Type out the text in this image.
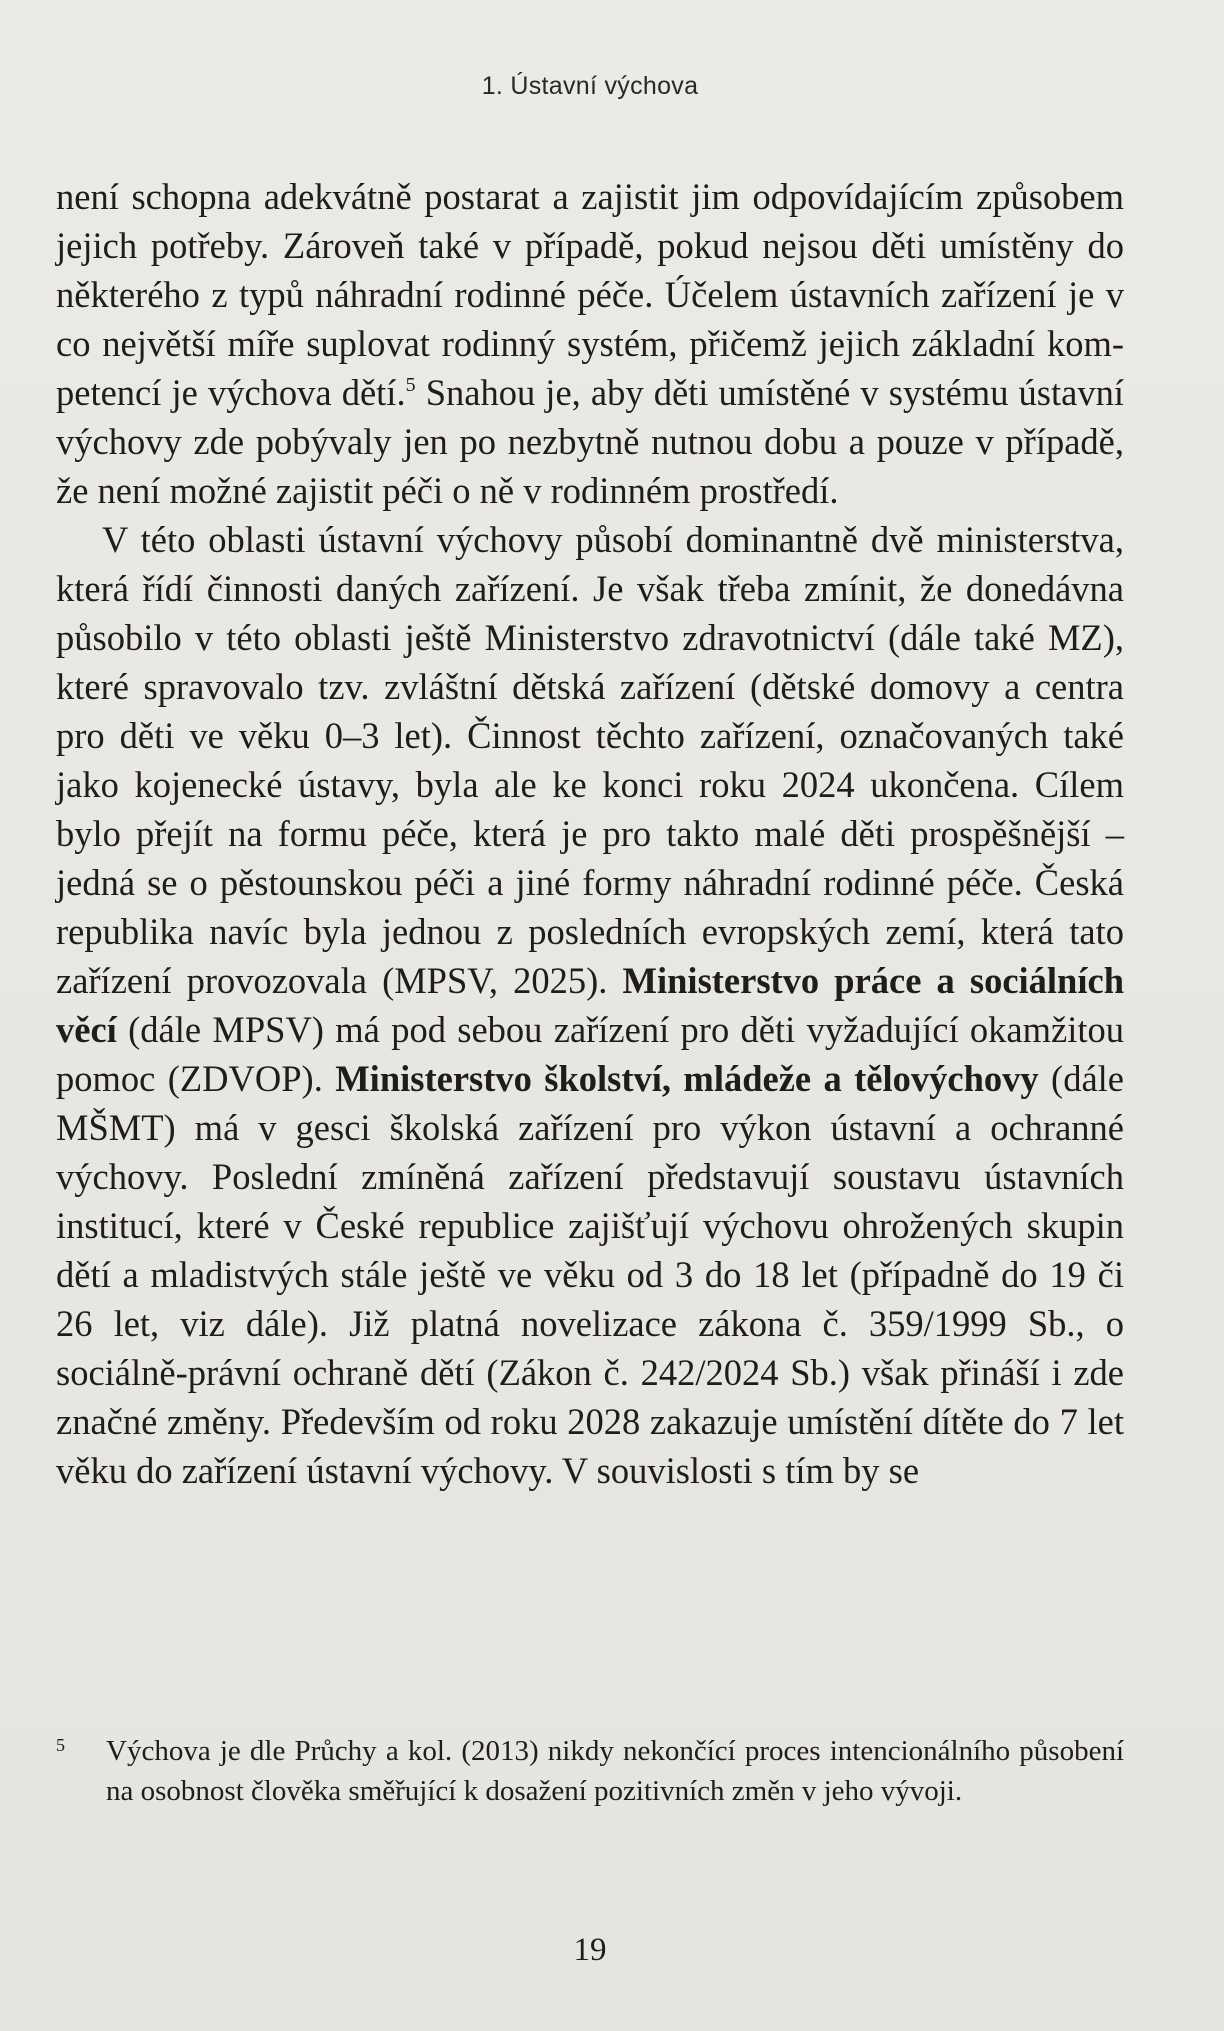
1. Ústavní výchova

není schopna adekvátně postarat a zajistit jim odpovídajícím způsobem jejich potřeby. Zároveň také v případě, pokud nejsou děti umístěny do některého z typů náhradní rodinné péče. Účelem ústavních zařízení je v co největší míře suplovat rodinný systém, přičemž jejich základní kompetencí je výchova dětí.$^5$ Snahou je, aby děti umístěné v systému ústavní výchovy zde pobývaly jen po nezbytně nutnou dobu a pouze v případě, že není možné zajistit péči o ně v rodinném prostředí.

V této oblasti ústavní výchovy působí dominantně dvě ministerstva, která řídí činnosti daných zařízení. Je však třeba zmínit, že donedávna působilo v této oblasti ještě Ministerstvo zdravotnictví (dále také MZ), které spravovalo tzv. zvláštní dětská zařízení (dětské domovy a centra pro děti ve věku 0–3 let). Činnost těchto zařízení, označovaných také jako kojenecké ústavy, byla ale ke konci roku 2024 ukončena. Cílem bylo přejít na formu péče, která je pro takto malé děti prospěšnější – jedná se o pěstounskou péči a jiné formy náhradní rodinné péče. Česká republika navíc byla jednou z posledních evropských zemí, která tato zařízení provozovala (MPSV, 2025). Ministerstvo práce a sociálních věcí (dále MPSV) má pod sebou zařízení pro děti vyžadující okamžitou pomoc (ZDVOP). Ministerstvo školství, mládeže a tělovýchovy (dále MŠMT) má v gesci školská zařízení pro výkon ústavní a ochranné výchovy. Poslední zmíněná zařízení představují soustavu ústavních institucí, které v České republice zajišťují výchovu ohrožených skupin dětí a mladistvých stále ještě ve věku od 3 do 18 let (případně do 19 či 26 let, viz dále). Již platná novelizace zákona č. 359/1999 Sb., o sociálně-​právní ochraně dětí (Zákon č. 242/2024 Sb.) však přináší i zde značné změny. Především od roku 2028 zakazuje umístění dítěte do 7 let věku do zařízení ústavní výchovy. V souvislosti s tím by se

5 Výchova je dle Průchy a kol. (2013) nikdy nekončící proces intencionálního působení na osobnost člověka směřující k dosažení pozitivních změn v jeho vývoji.
19
